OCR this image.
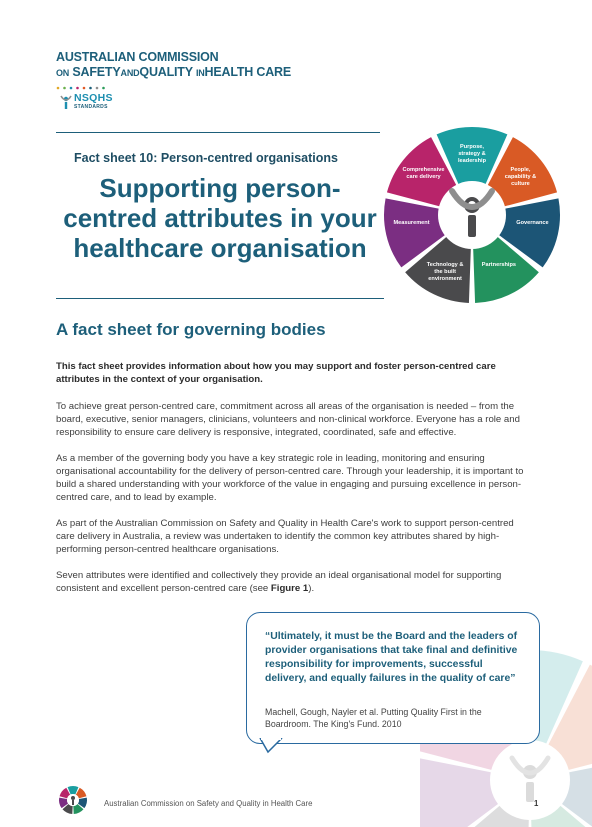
AUSTRALIAN COMMISSION
ON SAFETYANDQUALITY INHEALTH CARE
NSQHS
STANDARDS
Fact sheet 10: Person-centred organisations
Supporting person-centred attributes in your healthcare organisation
Purpose, strategy & leadership
People, capability & culture
Governance
Partnerships
Technology & the built environment
Measurement
Comprehensive care delivery
A fact sheet for governing bodies
This fact sheet provides information about how you may support and foster person-centred care attributes in the context of your organisation.
To achieve great person-centred care, commitment across all areas of the organisation is needed – from the board, executive, senior managers, clinicians, volunteers and non-clinical workforce. Everyone has a role and responsibility to ensure care delivery is responsive, integrated, coordinated, safe and effective.
As a member of the governing body you have a key strategic role in leading, monitoring and ensuring organisational accountability for the delivery of person-centred care. Through your leadership, it is important to build a shared understanding with your workforce of the value in engaging and pursuing excellence in person-centred care, and to lead by example.
As part of the Australian Commission on Safety and Quality in Health Care's work to support person-centred care delivery in Australia, a review was undertaken to identify the common key attributes shared by high-performing person-centred healthcare organisations.
Seven attributes were identified and collectively they provide an ideal organisational model for supporting consistent and excellent person-centred care (see Figure 1).
“Ultimately, it must be the Board and the leaders of provider organisations that take final and definitive responsibility for improvements, successful delivery, and equally failures in the quality of care”
Machell, Gough, Nayler et al. Putting Quality First in the Boardroom. The King's Fund. 2010
Australian Commission on Safety and Quality in Health Care	1
